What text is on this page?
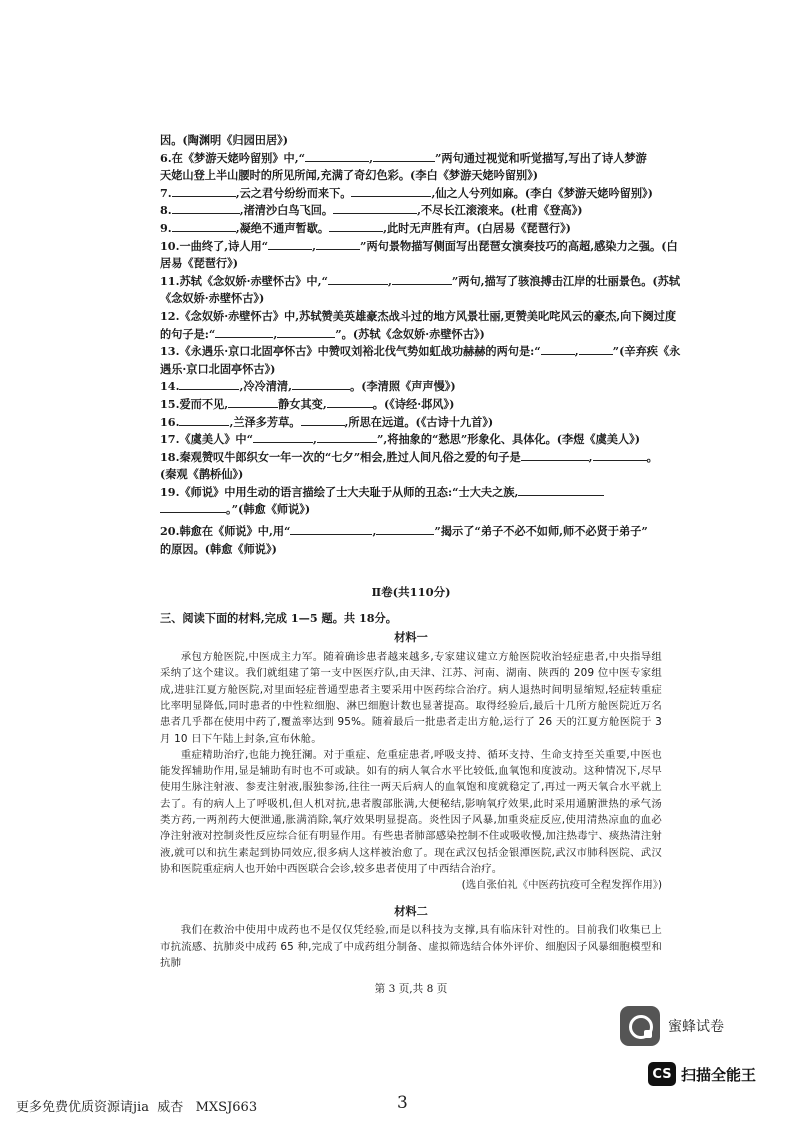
因。(陶渊明《归园田居》)

6.在《梦游天姥吟留别》中,“	,	”两句通过视觉和听觉描写,写出了诗人梦游

天姥山登上半山腰时的所见所闻,充满了奇幻色彩。(李白《梦游天姥吟留别》)

7.	,云之君兮纷纷而来下。	,仙之人兮列如麻。(李白《梦游天姥吟留别》)

8.	,渚清沙白鸟飞回。	,不尽长江滚滚来。(杜甫《登高》)

9.	,凝绝不通声暂歇。	,此时无声胜有声。(白居易《琵琶行》)

10.一曲终了,诗人用“	,	”两句景物描写侧面写出琵琶女演奏技巧的高超,感染力之强。(白

居易《琵琶行》)

11.苏轼《念奴娇·赤壁怀古》中,“	,	”两句,描写了骇浪搏击江岸的壮丽景色。(苏轼

《念奴娇·赤壁怀古》)

12.《念奴娇·赤壁怀古》中,苏轼赞美英雄豪杰战斗过的地方风景壮丽,更赞美叱咤风云的豪杰,向下阕过度

的句子是:“	,	”。(苏轼《念奴娇·赤壁怀古》)

13.《永遇乐·京口北固亭怀古》中赞叹刘裕北伐气势如虹战功赫赫的两句是:“	,	”(辛弃疾《永

遇乐·京口北固亭怀古》)

14.	,冷冷清清,	。(李清照《声声慢》)

15.爱而不见,	静女其变,	。(《诗经·邶风》)

16.	,兰泽多芳草。	,所思在远道。(《古诗十九首》)

17.《虞美人》中“	,	”,将抽象的“愁思”形象化、具体化。(李煜《虞美人》)

18.秦观赞叹牛郎织女一年一次的“七夕”相会,胜过人间凡俗之爱的句子是	,	。

(秦观《鹊桥仙》)

19.《师说》中用生动的语言描绘了士大夫耻于从师的丑态:“士大夫之族,

。”(韩愈《师说》)

20.韩愈在《师说》中,用“	,	”揭示了“弟子不必不如师,师不必贤于弟子”

的原因。(韩愈《师说》)

Ⅱ卷(共110分)

三、阅读下面的材料,完成 1—5 题。共 18分。

材料一

承包方舱医院,中医成主力军。随着确诊患者越来越多,专家建议建立方舱医院收治轻症患者,中央指导组采纳了这个建议。我们就组建了第一支中医医疗队,由天津、江苏、河南、湖南、陕西的 209 位中医专家组成,进驻江夏方舱医院,对里面轻症普通型患者主要采用中医药综合治疗。病人退热时间明显缩短,轻症转重症比率明显降低,同时患者的中性粒细胞、淋巴细胞计数也显著提高。取得经验后,最后十几所方舱医院近万名患者几乎都在使用中药了,覆盖率达到 95%。随着最后一批患者走出方舱,运行了 26 天的江夏方舱医院于 3月 10 日下午陆上封条,宣布休舱。

重症精助治疗,也能力挽狂澜。对于重症、危重症患者,呼吸支持、循环支持、生命支持至关重要,中医也能发挥辅助作用,显是辅助有时也不可或缺。如有的病人氧合水平比较低,血氧饱和度波动。这种情况下,尽早使用生脉注射液、参麦注射液,服独参汤,往往一两天后病人的血氧饱和度就稳定了,再过一两天氧合水平就上去了。有的病人上了呼吸机,但人机对抗,患者腹部胀满,大便秘结,影响氧疗效果,此时采用通腑泄热的承气汤类方药,一两剂药大便泄通,胀满消除,氧疗效果明显提高。炎性因子风暴,加重炎症反应,使用清热凉血的血必净注射液对控制炎性反应综合征有明显作用。有些患者肺部感染控制不住或吸收慢,加注热毒宁、痰热清注射液,就可以和抗生素起到协同效应,很多病人这样被治愈了。现在武汉包括金银潭医院,武汉市肺科医院、武汉协和医院重症病人也开始中西医联合会诊,较多患者使用了中西结合治疗。

(选自张伯礼《中医药抗疫可全程发挥作用》)

材料二

我们在救治中使用中成药也不是仅仅凭经验,而是以科技为支撑,具有临床针对性的。目前我们收集已上市抗流感、抗肺炎中成药 65 种,完成了中成药组分制备、虚拟筛选结合体外评价、细胞因子风暴细胞模型和抗肺

第 3 页,共 8 页

蜜蜂试卷
CS 扫描全能王
更多免费优质资源请jia  威杏   MXSJ663	3
